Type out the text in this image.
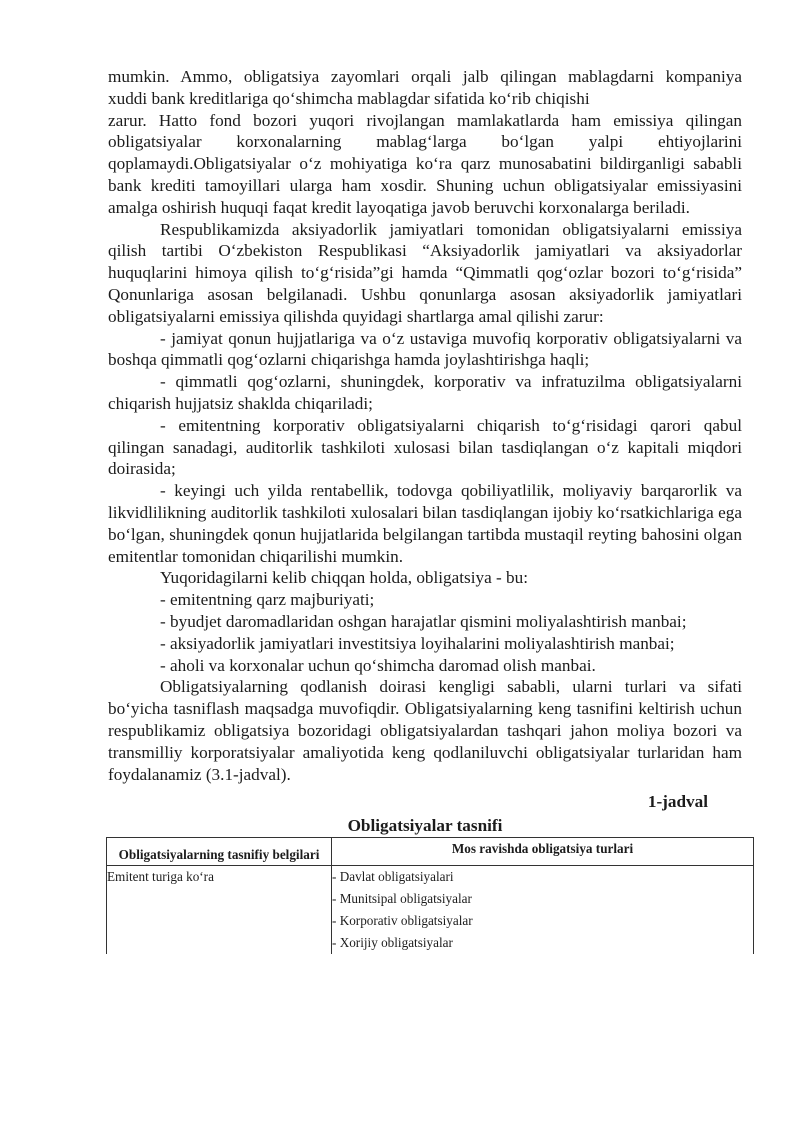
mumkin. Ammo, obligatsiya zayomlari orqali jalb qilingan mablagdarni kompaniya

xuddi bank kreditlariga qo‘shimcha mablagdar sifatida ko‘rib chiqishi

zarur. Hatto fond bozori yuqori rivojlangan mamlakatlarda ham emissiya qilingan obligatsiyalar korxonalarning mablag‘larga bo‘lgan yalpi ehtiyojlarini qoplamaydi.Obligatsiyalar o‘z mohiyatiga ko‘ra qarz munosabatini bildirganligi sababli bank krediti tamoyillari ularga ham xosdir. Shuning uchun obligatsiyalar emissiyasini amalga oshirish huquqi faqat kredit layoqatiga javob beruvchi korxonalarga beriladi.

Respublikamizda aksiyadorlik jamiyatlari tomonidan obligatsiyalarni emissiya qilish tartibi O‘zbekiston Respublikasi “Aksiyadorlik jamiyatlari va aksiyadorlar huquqlarini himoya qilish to‘g‘risida”gi hamda “Qimmatli qog‘ozlar bozori to‘g‘risida” Qonunlariga asosan belgilanadi. Ushbu qonunlarga asosan aksiyadorlik jamiyatlari obligatsiyalarni emissiya qilishda quyidagi shartlarga amal qilishi zarur:

- jamiyat qonun hujjatlariga va o‘z ustaviga muvofiq korporativ obligatsiyalarni va boshqa qimmatli qog‘ozlarni chiqarishga hamda joylashtirishga haqli;

- qimmatli qog‘ozlarni, shuningdek, korporativ va infratuzilma obligatsiyalarni chiqarish hujjatsiz shaklda chiqariladi;

- emitentning korporativ obligatsiyalarni chiqarish to‘g‘risidagi qarori qabul qilingan sanadagi, auditorlik tashkiloti xulosasi bilan tasdiqlangan o‘z kapitali miqdori doirasida;

- keyingi uch yilda rentabellik, todovga qobiliyatlilik, moliyaviy barqarorlik va likvidlilikning auditorlik tashkiloti xulosalari bilan tasdiqlangan ijobiy ko‘rsatkichlariga ega bo‘lgan, shuningdek qonun hujjatlarida belgilangan tartibda mustaqil reyting bahosini olgan emitentlar tomonidan chiqarilishi mumkin.

Yuqoridagilarni kelib chiqqan holda, obligatsiya - bu:

- emitentning qarz majburiyati;

- byudjet daromadlaridan oshgan harajatlar qismini moliyalashtirish manbai;

- aksiyadorlik jamiyatlari investitsiya loyihalarini moliyalashtirish manbai;

- aholi va korxonalar uchun qo‘shimcha daromad olish manbai.

Obligatsiyalarning qodlanish doirasi kengligi sababli, ularni turlari va sifati bo‘yicha tasniflash maqsadga muvofiqdir. Obligatsiyalarning keng tasnifini keltirish uchun respublikamiz obligatsiya bozoridagi obligatsiyalardan tashqari jahon moliya bozori va transmilliy korporatsiyalar amaliyotida keng qodlaniluvchi obligatsiyalar turlaridan ham foydalanamiz (3.1-jadval).

1-jadval
Obligatsiyalar tasnifi
Obligatsiyalarning tasnifiy belgilari	Mos ravishda obligatsiya turlari
Emitent turiga ko‘ra	- Davlat obligatsiyalari
- Munitsipal obligatsiyalar
- Korporativ obligatsiyalar
- Xorijiy obligatsiyalar
